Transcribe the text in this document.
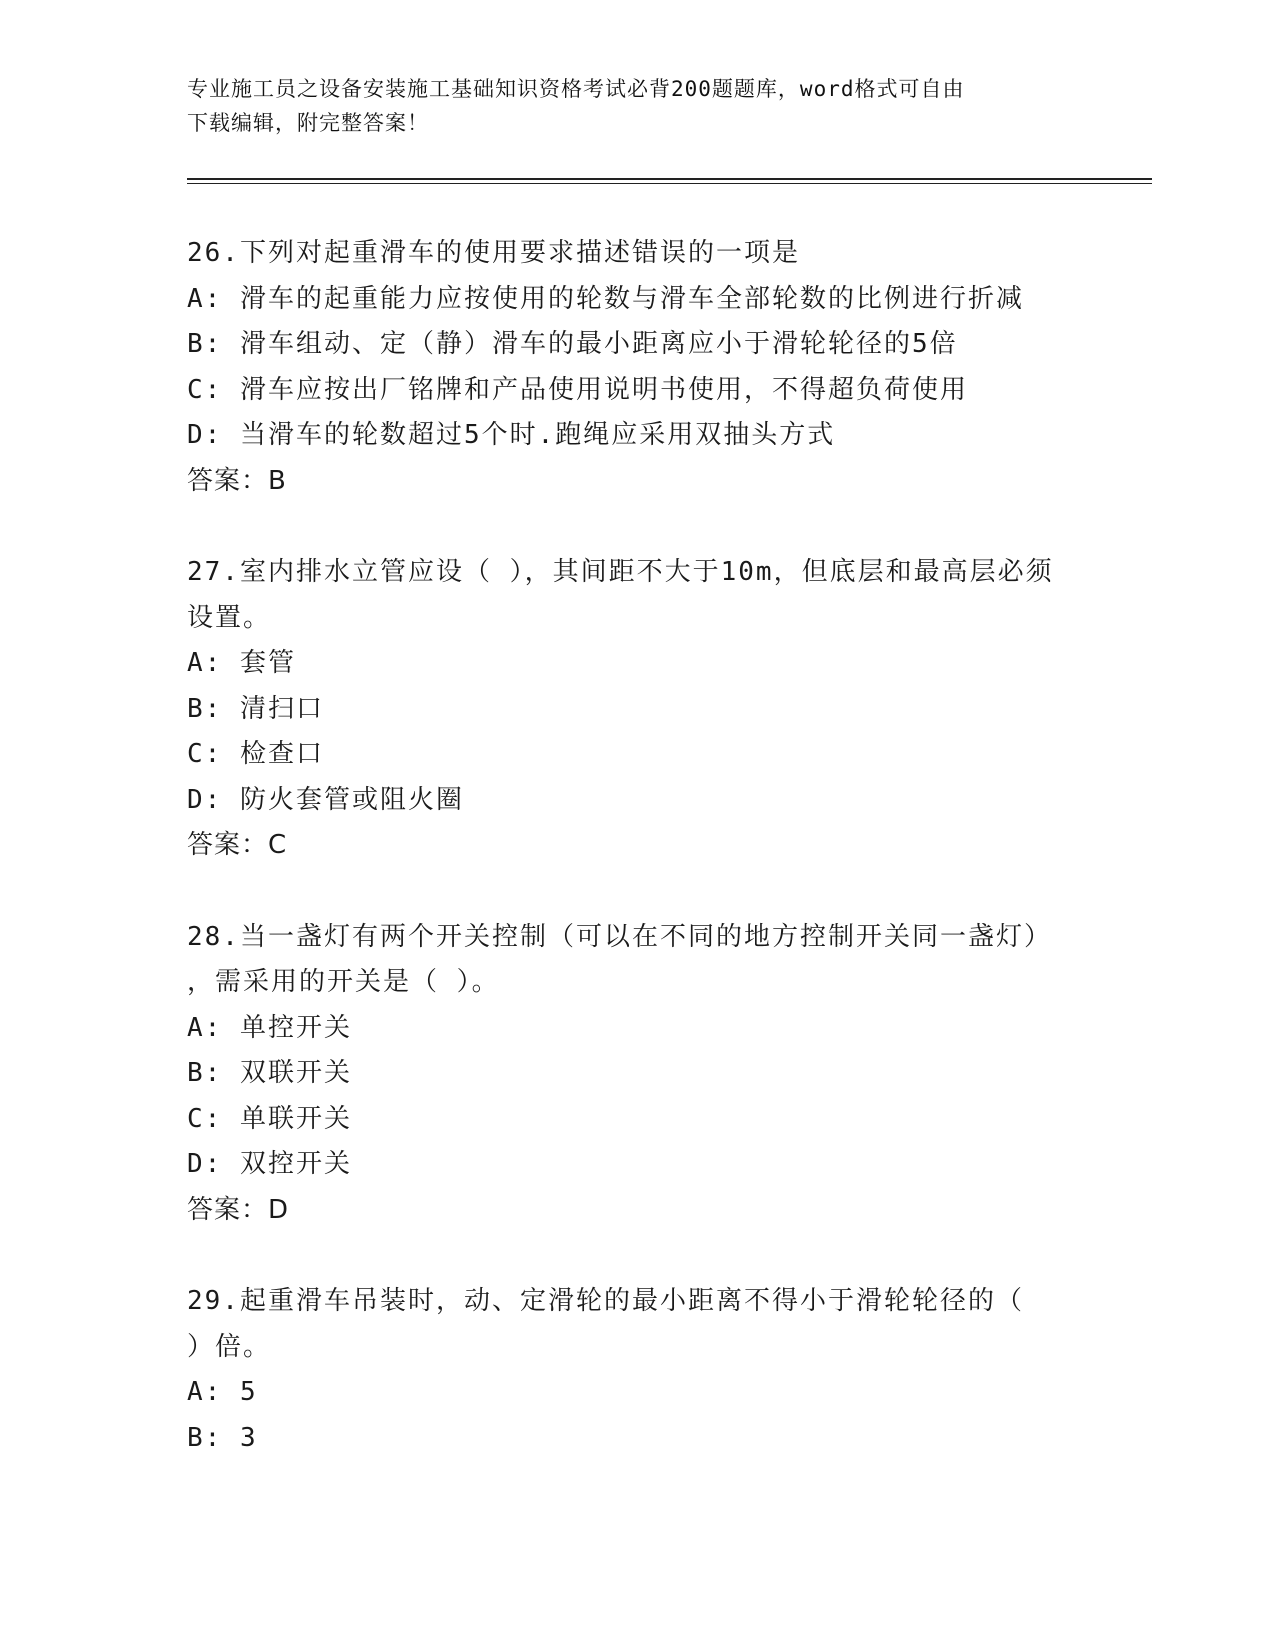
专业施工员之设备安装施工基础知识资格考试必背200题题库，word格式可自由
下载编辑，附完整答案！
26.下列对起重滑车的使用要求描述错误的一项是
A: 滑车的起重能力应按使用的轮数与滑车全部轮数的比例进行折减
B: 滑车组动、定（静）滑车的最小距离应小于滑轮轮径的5倍
C: 滑车应按出厂铭牌和产品使用说明书使用，不得超负荷使用
D: 当滑车的轮数超过5个时.跑绳应采用双抽头方式
答案：B
27.室内排水立管应设（ ），其间距不大于10m，但底层和最高层必须
设置。
A: 套管
B: 清扫口
C: 检查口
D: 防火套管或阻火圈
答案：C
28.当一盏灯有两个开关控制（可以在不同的地方控制开关同一盏灯）
，需采用的开关是（ ）。
A: 单控开关
B: 双联开关
C: 单联开关
D: 双控开关
答案：D
29.起重滑车吊装时，动、定滑轮的最小距离不得小于滑轮轮径的（
）倍。
A: 5
B: 3
